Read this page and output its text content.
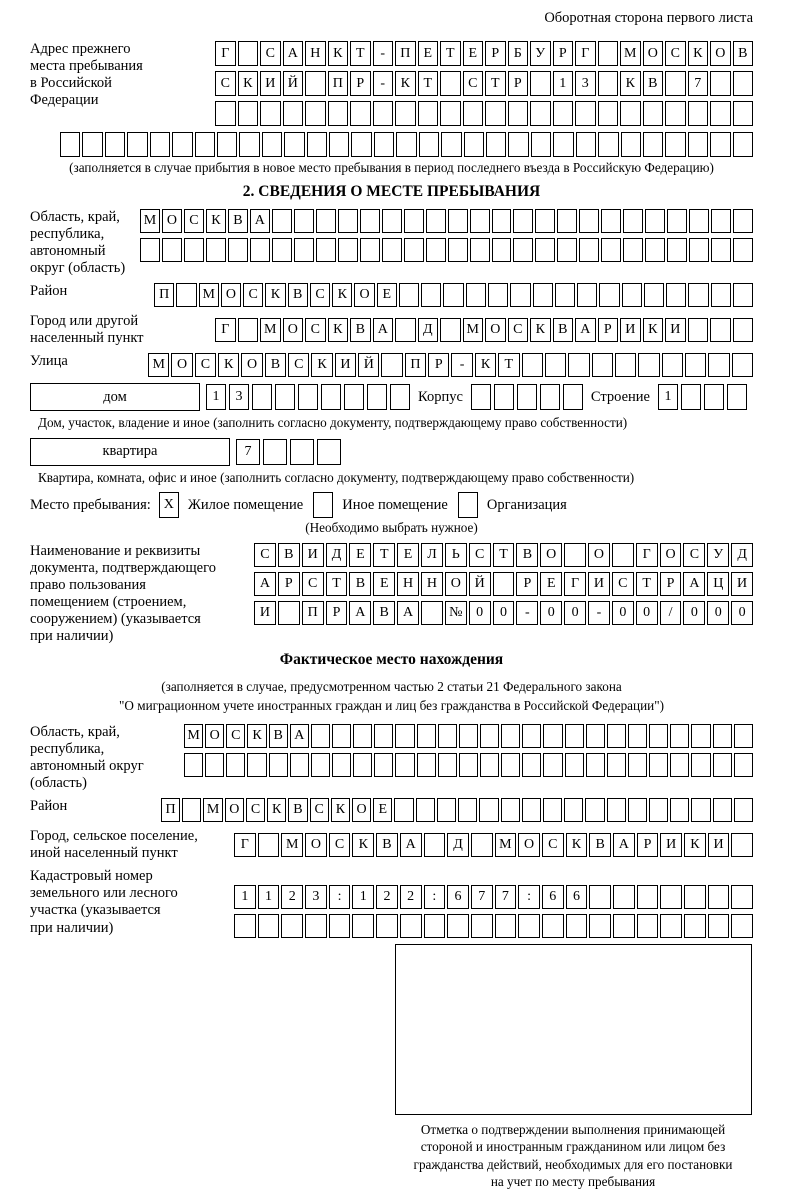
Оборотная сторона первого листа
Адрес прежнего
места пребывания
в Российской
Федерации
Г	С А Н К Т	-	П Е Т Е	Р	Б У Р	Г	М О С К О В
С К И Й	П Р	-	К Т	С Т	Р	1	3	К В	7
(заполняется в случае прибытия в новое место пребывания в период последнего въезда в Российскую Федерацию)
2. СВЕДЕНИЯ О МЕСТЕ ПРЕБЫВАНИЯ
Область, край,
республика,
автономный
округ (область)
М О С К В А
Район	П	М О С К В С К О Е
Город или другой
населенный пункт
Г	М О С К В А	Д	М О С К В А Р И К И
Улица	М О С	К О В	С	К И Й	П	Р	-	К	Т
дом	1	3	Корпус	Строение	1
Дом, участок, владение и иное (заполнить согласно документу, подтверждающему право собственности)
квартира	7
Квартира, комната, офис и иное (заполнить согласно документу, подтверждающему право собственности)
Место пребывания: X Жилое помещение	Иное помещение	Организация
(Необходимо выбрать нужное)
Наименование и реквизиты
документа, подтверждающего
право пользования
помещением (строением,
сооружением) (указывается
при наличии)
С	В	И	Д	Е	Т	Е	Л	Ь	С	Т	В	О	О	Г	О	С	У	Д
А	Р	С	Т	В	Е	Н Н О Й	Р	Е	Г	И	С	Т	Р	А Ц И
И	П	Р	А	В	А	№ 0	0	-	0	0	-	0	0	/	0	0	0
Фактическое место нахождения
(заполняется в случае, предусмотренном частью 2 статьи 21 Федерального закона
"О миграционном учете иностранных граждан и лиц без гражданства в Российской Федерации")
Область, край,
республика,
автономный округ
(область)
М О С К В А
Район	П	М О С К В С К О Е
Город, сельское поселение,
иной населенный пункт
Г	М О С	К	В А	Д	М О С	К	В А	Р	И К И
Кадастровый номер
земельного или лесного
участка (указывается
при наличии)
1	1	2	3	:	1	2	2	:	6	7	7	:	6	6
Отметка о подтверждении выполнения принимающей
стороной и иностранным гражданином или лицом без
гражданства действий, необходимых для его постановки
на учет по месту пребывания
